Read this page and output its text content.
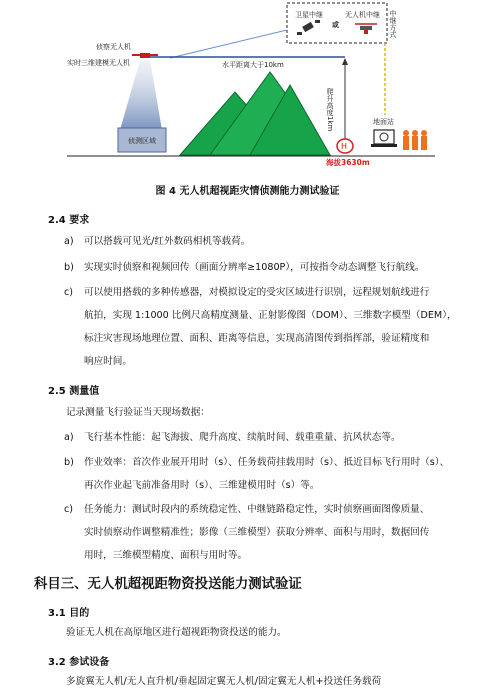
卫星中继
或
无人机中继 中继方式
水平距离大于10km
侦察无人机
实时三维建模无人机
侦测区域
爬升高度1km
H
海拔3630m
地面站
图 4 无人机超视距灾情侦测能力测试验证
2.4 要求
a) 可以搭载可见光/红外数码相机等载荷。
b) 实现实时侦察和视频回传（画面分辨率≥1080P），可按指令动态调整飞行航线。
c) 可以使用搭载的多种传感器，对模拟设定的受灾区域进行识别，远程规划航线进行
航拍，实现 1:1000 比例尺高精度测量、正射影像图（DOM）、三维数字模型（DEM），
标注灾害现场地理位置、面积、距离等信息，实现高清图传到指挥部，验证精度和
响应时间。
2.5 测量值
记录测量飞行验证当天现场数据：
a) 飞行基本性能：起飞海拔、爬升高度、续航时间、载重重量、抗风状态等。
b) 作业效率：首次作业展开用时（s）、任务载荷挂载用时（s）、抵近目标飞行用时（s）、
再次作业起飞前准备用时（s）、三维建模用时（s）等。
c) 任务能力：测试时段内的系统稳定性、中继链路稳定性，实时侦察画面图像质量、
实时侦察动作调整精准性；影像（三维模型）获取分辨率、面积与用时，数据回传
用时，三维模型精度、面积与用时等。
科目三、无人机超视距物资投送能力测试验证
3.1 目的
验证无人机在高原地区进行超视距物资投送的能力。
3.2 参试设备
多旋翼无人机/无人直升机/垂起固定翼无人机/固定翼无人机+投送任务载荷
